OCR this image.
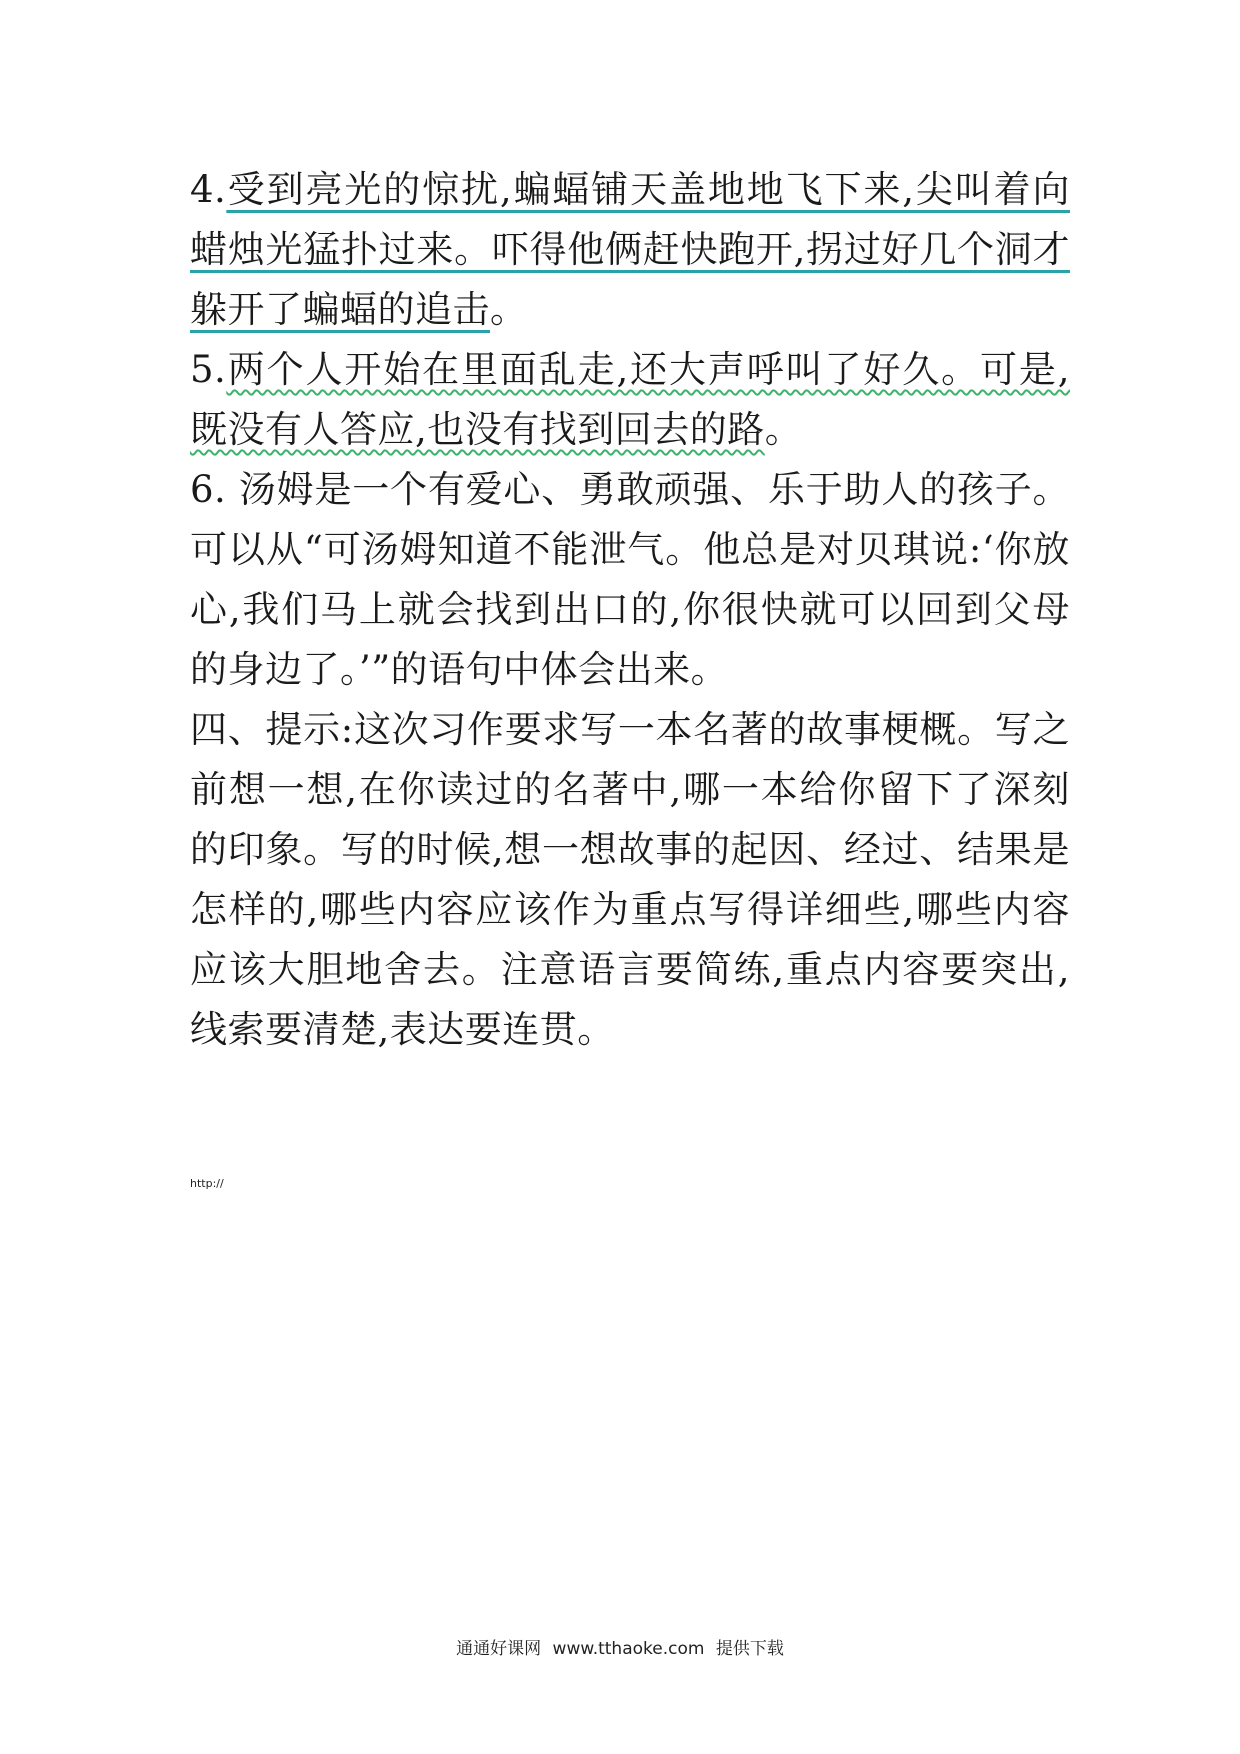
4.受到亮光的惊扰,蝙蝠铺天盖地地飞下来,尖叫着向蜡烛光猛扑过来。吓得他俩赶快跑开,拐过好几个洞才躲开了蝙蝠的追击。

5.两个人开始在里面乱走,还大声呼叫了好久。可是,既没有人答应,也没有找到回去的路。

6. 汤姆是一个有爱心、勇敢顽强、乐于助人的孩子。可以从“可汤姆知道不能泄气。他总是对贝琪说:‘你放心,我们马上就会找到出口的,你很快就可以回到父母的身边了。’”的语句中体会出来。

四、提示:这次习作要求写一本名著的故事梗概。写之前想一想,在你读过的名著中,哪一本给你留下了深刻的印象。写的时候,想一想故事的起因、经过、结果是怎样的,哪些内容应该作为重点写得详细些,哪些内容应该大胆地舍去。注意语言要简练,重点内容要突出,线索要清楚,表达要连贯。

http://
通通好课网 www.tthaoke.com 提供下载
